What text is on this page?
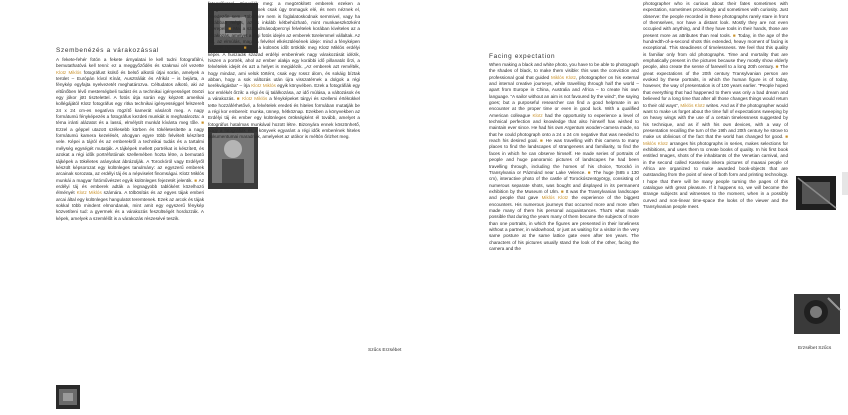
Szembenézés a várakozással

A fekete-fehér fotón a fekete árnyalatai le kell tudni fotografálni, bemutathatóvá kell tenni: ez a meggyőződés és szakmai cél vezette Klotz Miklós fotográfust külső és belső alkotói útjai során, amelyek a terület – Európán kívül Kínát, Ausztráliát és Afrikát – is bejárta, a fénykép egyfajta nyelvezetét meghatározva. Céltudatos alkotó, aki az eltűnőben lévő mesterségbeli tudást és a technikai igényességet ötvözi egy jókor jött tisztelettel. A fotós útja során egy képzett amerikai kollégájától Klotz fotográfus egy ritka technikai igényességgel felszerelt 24 x 24 cm-es negatívra rögzítő kamerát vásárolt meg. A nagy formátumú fényképezés a fotográfus kezdeti munkáit is meghatározta: a téma iránti alázatot és a lassú, elmélyült munkát kívánta meg tőle. ■ Ezzel a géppel utazott szélesebb körben és tökéletesítette a nagy formátumú kamera kezelését, ahogyan egyre több felvételt készített vele. Képei a tájról és az emberekről a technikai tudás és a tartalmi mélység egységét mutatják. A tájképek mellett portrékat is készített, és azokat a régi idők portréfotóinak szellemében hozta létre, a bemutató tájképek a tökéletes arányokat ábrázolják. A Torockóról vagy Erdélyről készült képsorozat egy különleges tanulmány: az egyszerű emberek arcainak sorozata, az erdélyi táj és a népviselet finomságai. Klotz Miklós munkái a magyar fotóművészet egyik különleges fejezetét jelentik. ■ Az erdélyi táj és emberek adták a legnagyobb tablóként közelhozó élményét Klotz Miklós számára. A tölbösítás és az egyes tájak emberi arcai által egy különleges hangulatot teremtenek. Ezek az arcok és tájak sokkal több mindent elmondanak, mint amit egy egyszerű fénykép közvetíteni tud: a gyermek és a várakozás feszültségét hordozzák. A képek, amelyek a szemlélőt is a várakozás részesévé teszik.

fotográfussal. Figyeljék meg: a megörökített emberek ezeken a fotográfiákon ritkán néznek csak úgy önmaguk elé, és nem néznek el, révedezőn sem. Többnyire nem is foglalatoskodnak semmivel, vagy ha korábban mégis, az is inkább kétbehúzható, mint munkaeszközként szerepel. ■ Ma, a századmásodpercnyi felvételek korában kivételes az a várakozás, amelyet a régi fotós idején az emberek türelemmel vállaltak. Az idő, az elmúlás, maga a felvétel elkészülésének ideje: mind a fényképen hagyott nyomot. ■ Ezt a különös időt örökítik meg Klotz Miklós erdélyi képei. A huszadik század erdélyi emberének nagy várakozását idézik, hiszen a portrék, ahol az ember alakja egy korábbi idő pillanatát őrzi, a felvételek idejét és azt a helyet is megidézik. „Az emberek azt remélték, hogy mindaz, ami velük történt, csak egy rossz álom, és sokáig bíztak abban, hogy a sok változás után újra visszatérnek a dolgok a régi kerékvágásba” – írja Klotz Miklós egyik könyvében. Ezek a fotográfiák egy kor emlékét őrzik: a régi és új találkozása, az idő múlása, a változások és a várakozás. ■ Klotz Miklós a fényképeket tárgyi és szellemi értékükkel tette hozzáférhetővé, a felvételek eredeti és hiteles formában mutatják be a régi kor embereit: munka, ünnep, hétköznap. Ezekben a könyvekben az Erdélyi táj és ember egy különleges örökségként él tovább, amelyet a fotográfus hatalmas munkával hozott létre. Bizonyára ennek köszönhető, hogy a fotográfiák és a könyvek egyaránt a régi idők emberének hiteles dokumentumai maradnak, amelyeket az utókor is méltón őrizhet meg.

Szűcs Erzsébet
Facing expectation

When making a black and white photo, you have to be able to photograph the shades of black, to make them visible: this was the conviction and professional goal that guided Miklós Klotz, photographer on his external and internal creative journeys, while travelling through half the world – apart from Europe in China, Australia and Africa – to create his own language. “A sailor without an aim is not favoured by the wind”, the saying goes; but a purposeful researcher can find a good helpmate in an encounter at the proper time or even in good luck. With a qualified American colleague Klotz had the opportunity to experience a level of technical perfection and knowledge that also himself has wished to maintain ever since. He had his own Argentum wooden-camera made, so that he could photograph onto a 24 x 24 cm negative that was needed to reach his desired goal. ■ He was travelling with this camera to many places to find the landscapes of strangeness and familiarity, to find the faces in which he can observe himself. He made series of portraits of people and huge panoramic pictures of landscapes he had been travelling through, including the homes of his choice, Torockó in Transylvania or Pázmánd near Lake Velence. ■ The huge (585 x 130 cm), interactive photo of the castle of Torockószentgyörgy, consisting of numerous separate shots, was bought and displayed in its permanent exhibition by the Museum of Ulm. ■ It was the Transylvanian landscape and people that gave Miklós Klotz the experience of the biggest encounters. His numerous journeys that occurred more and more often made many of them his personal acquaintances. That's what made possible that during the years many of them became the subjects of more than one portraits, in which the figures are presented in their loneliness without a partner, in widowhood, or just as waiting for a visitor in the very same posture at the same lattice gate even after ten years. The characters of his pictures usually stand the look of the other, facing the camera and the

photographer who is curious about their fates sometimes with expectation, sometimes provokingly and sometimes with curiosity. Just observe: the people recorded in these photographs rarely stare in front of themselves, nor have a distant look. Mostly they are not even occupied with anything, and if they have tools in their hands, those are present more as attributes than real tools. ■ Today, in the age of the hundredth-of-a-second shots this extended, heavy moment of facing is exceptional. This steadiness of timelessness. We feel that this quality is familiar only from old photographs. Time and mortality that are emphatically present in the pictures because they mostly show elderly people, also create the sense of farewell to a long 20th century. ■ The great expectations of the 20th century Transylvanian person are evoked by these portraits, in which the human figure is of today, however, the way of presentation is of 100 years earlier. “People hoped that everything that had happened to them was only a bad dream and believed for a long time that after all those changes things would return to their old ways”, Miklós Klotz writes. And as if the photographer would want to make us forget about the time full of expectations sweeping by on heavy wings with the use of a certain timelessness suggested by his technique, and as if with his own devices, with a way of presentation recalling the turn of the 19th and 20th century he strove to make us oblivious of the fact that the world has changed for good. ■ Miklós Klotz arranges his photographs in series, makes selections for exhibitions, and uses them to create books of quality. In his first book entitled Images, shots of the inhabitants of the Venetian carnival, and in the second called Kasserian inkera pictures of maasai people of Africa are organized to make awarded book-objects that are outstanding from the point of view of both form and printing technology. I hope that there will be many people turning the pages of this catalogue with great pleasure. If it happens so, we will become the strange subjects and witnesses to the moment, when in a possibly curved and non-linear time-space the looks of the viewer and the Transylvanian people meet.

Erzsébet Szűcs
